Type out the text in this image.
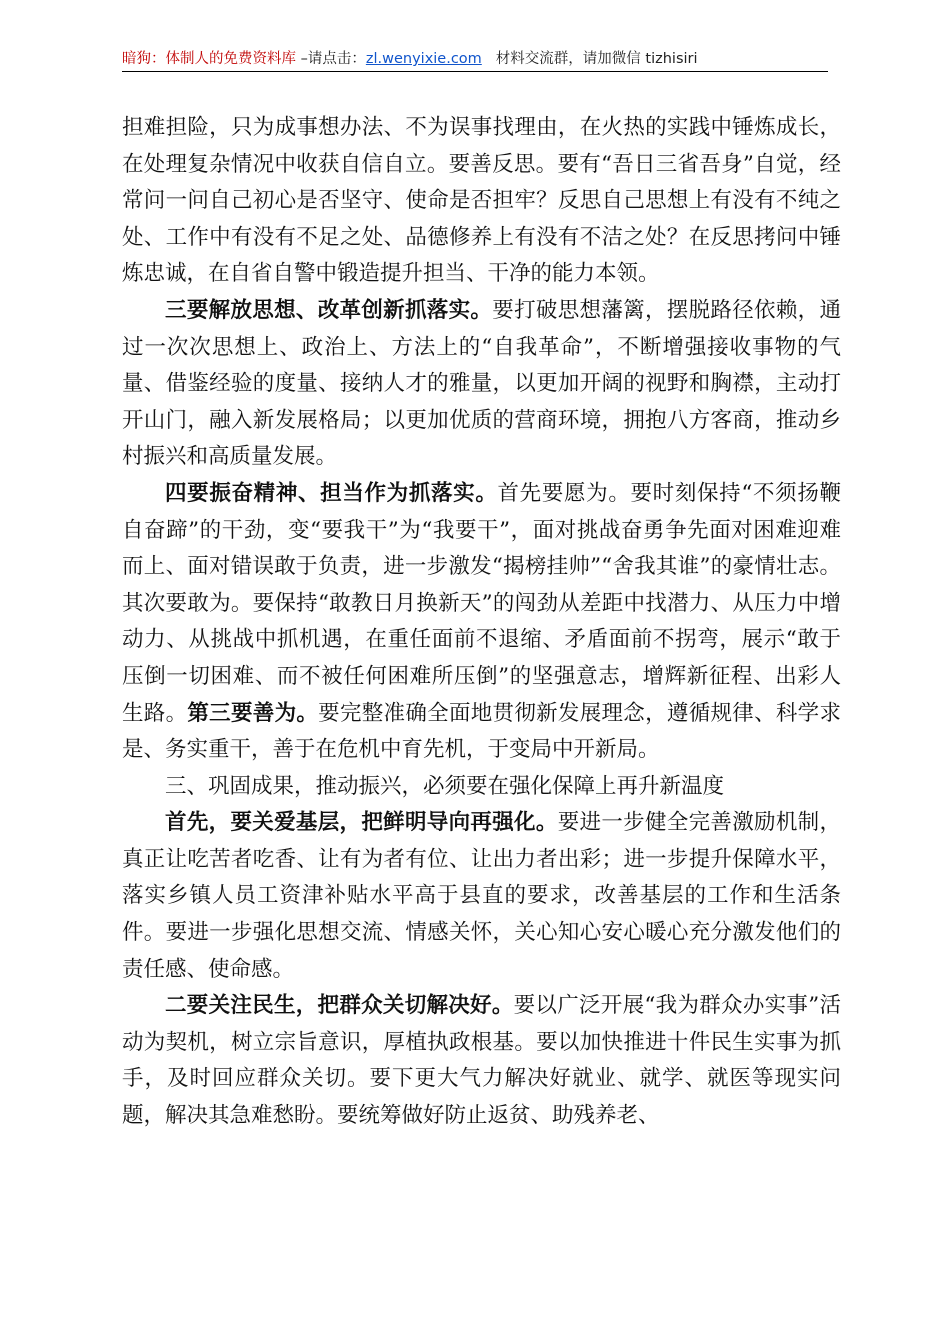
暗狗：体制人的免费资料库 –请点击：zl.wenyixie.com 材料交流群，请加微信 tizhisiri

担难担险，只为成事想办法、不为误事找理由，在火热的实践中锤炼成长，在处理复杂情况中收获自信自立。要善反思。要有“吾日三省吾身”自觉，经常问一问自己初心是否坚守、使命是否担牢？反思自己思想上有没有不纯之处、工作中有没有不足之处、品德修养上有没有不洁之处？在反思拷问中锤炼忠诚，在自省自警中锻造提升担当、干净的能力本领。

三要解放思想、改革创新抓落实。要打破思想藩篱，摆脱路径依赖，通过一次次思想上、政治上、方法上的“自我革命”，不断增强接收事物的气量、借鉴经验的度量、接纳人才的雅量，以更加开阔的视野和胸襟，主动打开山门，融入新发展格局；以更加优质的营商环境，拥抱八方客商，推动乡村振兴和高质量发展。

四要振奋精神、担当作为抓落实。首先要愿为。要时刻保持“不须扬鞭自奋蹄”的干劲，变“要我干”为“我要干”，面对挑战奋勇争先面对困难迎难而上、面对错误敢于负责，进一步激发“揭榜挂帅”“舍我其谁”的豪情壮志。其次要敢为。要保持“敢教日月换新天”的闯劲从差距中找潜力、从压力中增动力、从挑战中抓机遇，在重任面前不退缩、矛盾面前不拐弯，展示“敢于压倒一切困难、而不被任何困难所压倒”的坚强意志，增辉新征程、出彩人生路。第三要善为。要完整准确全面地贯彻新发展理念，遵循规律、科学求是、务实重干，善于在危机中育先机，于变局中开新局。

三、巩固成果，推动振兴，必须要在强化保障上再升新温度

首先，要关爱基层，把鲜明导向再强化。要进一步健全完善激励机制，真正让吃苦者吃香、让有为者有位、让出力者出彩；进一步提升保障水平，落实乡镇人员工资津补贴水平高于县直的要求，改善基层的工作和生活条件。要进一步强化思想交流、情感关怀，关心知心安心暖心充分激发他们的责任感、使命感。

二要关注民生，把群众关切解决好。要以广泛开展“我为群众办实事”活动为契机，树立宗旨意识，厚植执政根基。要以加快推进十件民生实事为抓手，及时回应群众关切。要下更大气力解决好就业、就学、就医等现实问题，解决其急难愁盼。要统筹做好防止返贫、助残养老、
